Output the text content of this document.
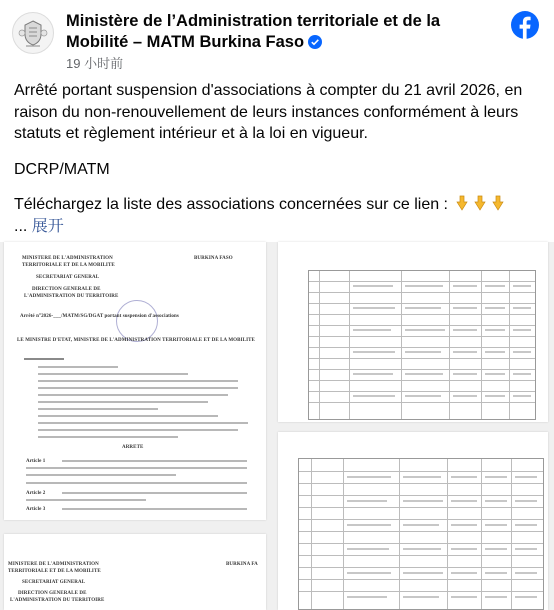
Ministère de l’Administration territoriale et de la Mobilité – MATM Burkina Faso
19 小时前

Arrêté portant suspension d'associations à compter du 21 avril 2026, en raison du non-renouvellement de leurs instances conformément à leurs statuts et règlement intérieur et à la loi en vigueur.

DCRP/MATM

Téléchargez la liste des associations concernées sur ce lien :
... 展开

MINISTERE DE L'ADMINISTRATION
TERRITORIALE ET DE LA MOBILITE
SECRETARIAT GENERAL
DIRECTION GENERALE DE
L'ADMINISTRATION DU TERRITOIRE
BURKINA FASO
Arrêté n°2026-___/MATM/SG/DGAT portant suspension d'associations
LE MINISTRE D'ETAT, MINISTRE DE L'ADMINISTRATION TERRITORIALE ET DE LA MOBILITE
ARRETE
Article 1
Article 2
Article 3
MINISTERE DE L'ADMINISTRATION
TERRITORIALE ET DE LA MOBILITE
SECRETARIAT GENERAL
DIRECTION GENERALE DE
L'ADMINISTRATION DU TERRITOIRE
BURKINA FA
